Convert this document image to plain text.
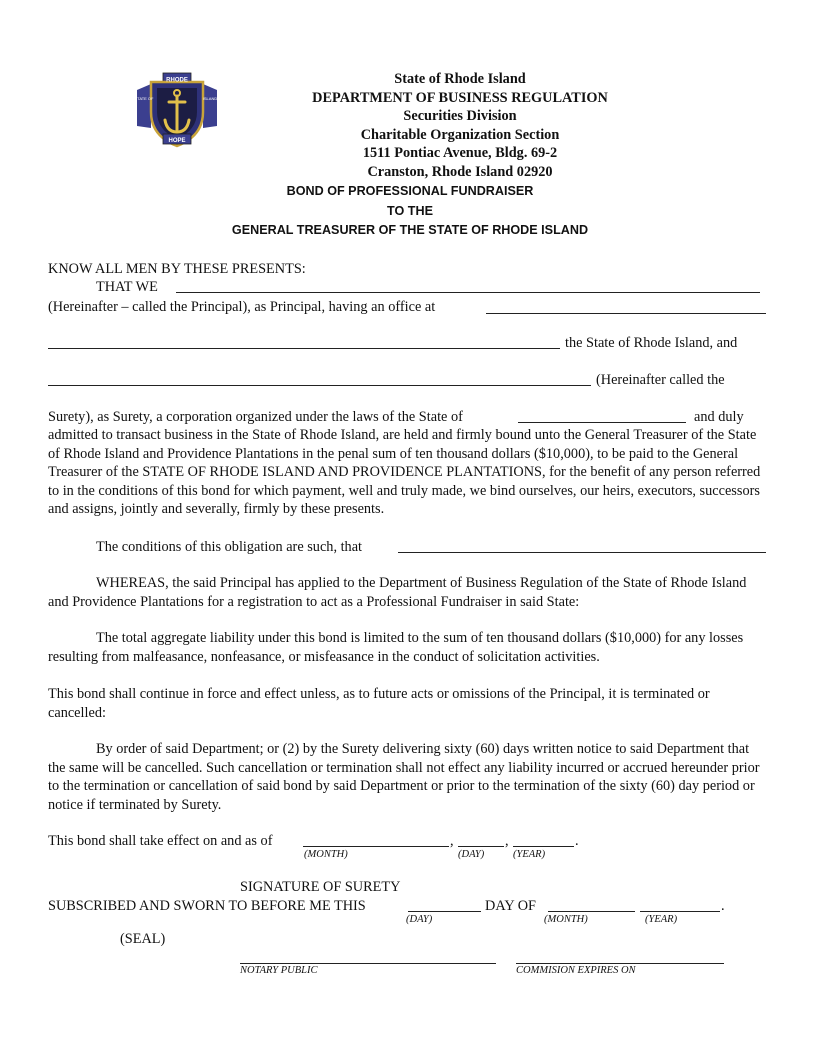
RHODE
HOPE
STATE OF	ISLAND
State of Rhode Island
DEPARTMENT OF BUSINESS REGULATION
Securities Division
Charitable Organization Section
1511 Pontiac Avenue, Bldg. 69-2
Cranston, Rhode Island 02920
BOND OF PROFESSIONAL FUNDRAISER
TO THE
GENERAL TREASURER OF THE STATE OF RHODE ISLAND
KNOW ALL MEN BY THESE PRESENTS:
THAT WE
(Hereinafter – called the Principal), as Principal, having an office at
the State of Rhode Island, and
(Hereinafter called the
Surety), as Surety, a corporation organized under the laws of the State of	and duly
admitted to transact business in the State of Rhode Island, are held and firmly bound unto the General Treasurer of the State of Rhode Island and Providence Plantations in the penal sum of ten thousand dollars ($10,000), to be paid to the General Treasurer of the STATE OF RHODE ISLAND AND PROVIDENCE PLANTATIONS, for the benefit of any person referred to in the conditions of this bond for which payment, well and truly made, we bind ourselves, our heirs, executors, successors and assigns, jointly and severally, firmly by these presents.
The conditions of this obligation are such, that
WHEREAS, the said Principal has applied to the Department of Business Regulation of the State of Rhode Island and Providence Plantations for a registration to act as a Professional Fundraiser in said State:
The total aggregate liability under this bond is limited to the sum of ten thousand dollars ($10,000) for any losses resulting from malfeasance, nonfeasance, or misfeasance in the conduct of solicitation activities.
This bond shall continue in force and effect unless, as to future acts or omissions of the Principal, it is terminated or cancelled:
By order of said Department; or (2) by the Surety delivering sixty (60) days written notice to said Department that the same will be cancelled. Such cancellation or termination shall not effect any liability incurred or accrued hereunder prior to the termination or cancellation of said bond by said Department or prior to the termination of the sixty (60) day period or notice if terminated by Surety.
This bond shall take effect on and as of	,	,	.
(MONTH)	(DAY)	(YEAR)
SIGNATURE OF SURETY
SUBSCRIBED AND SWORN TO BEFORE ME THIS	DAY OF	.
(DAY)	(MONTH)	(YEAR)
(SEAL)
NOTARY PUBLIC	COMMISION EXPIRES ON
